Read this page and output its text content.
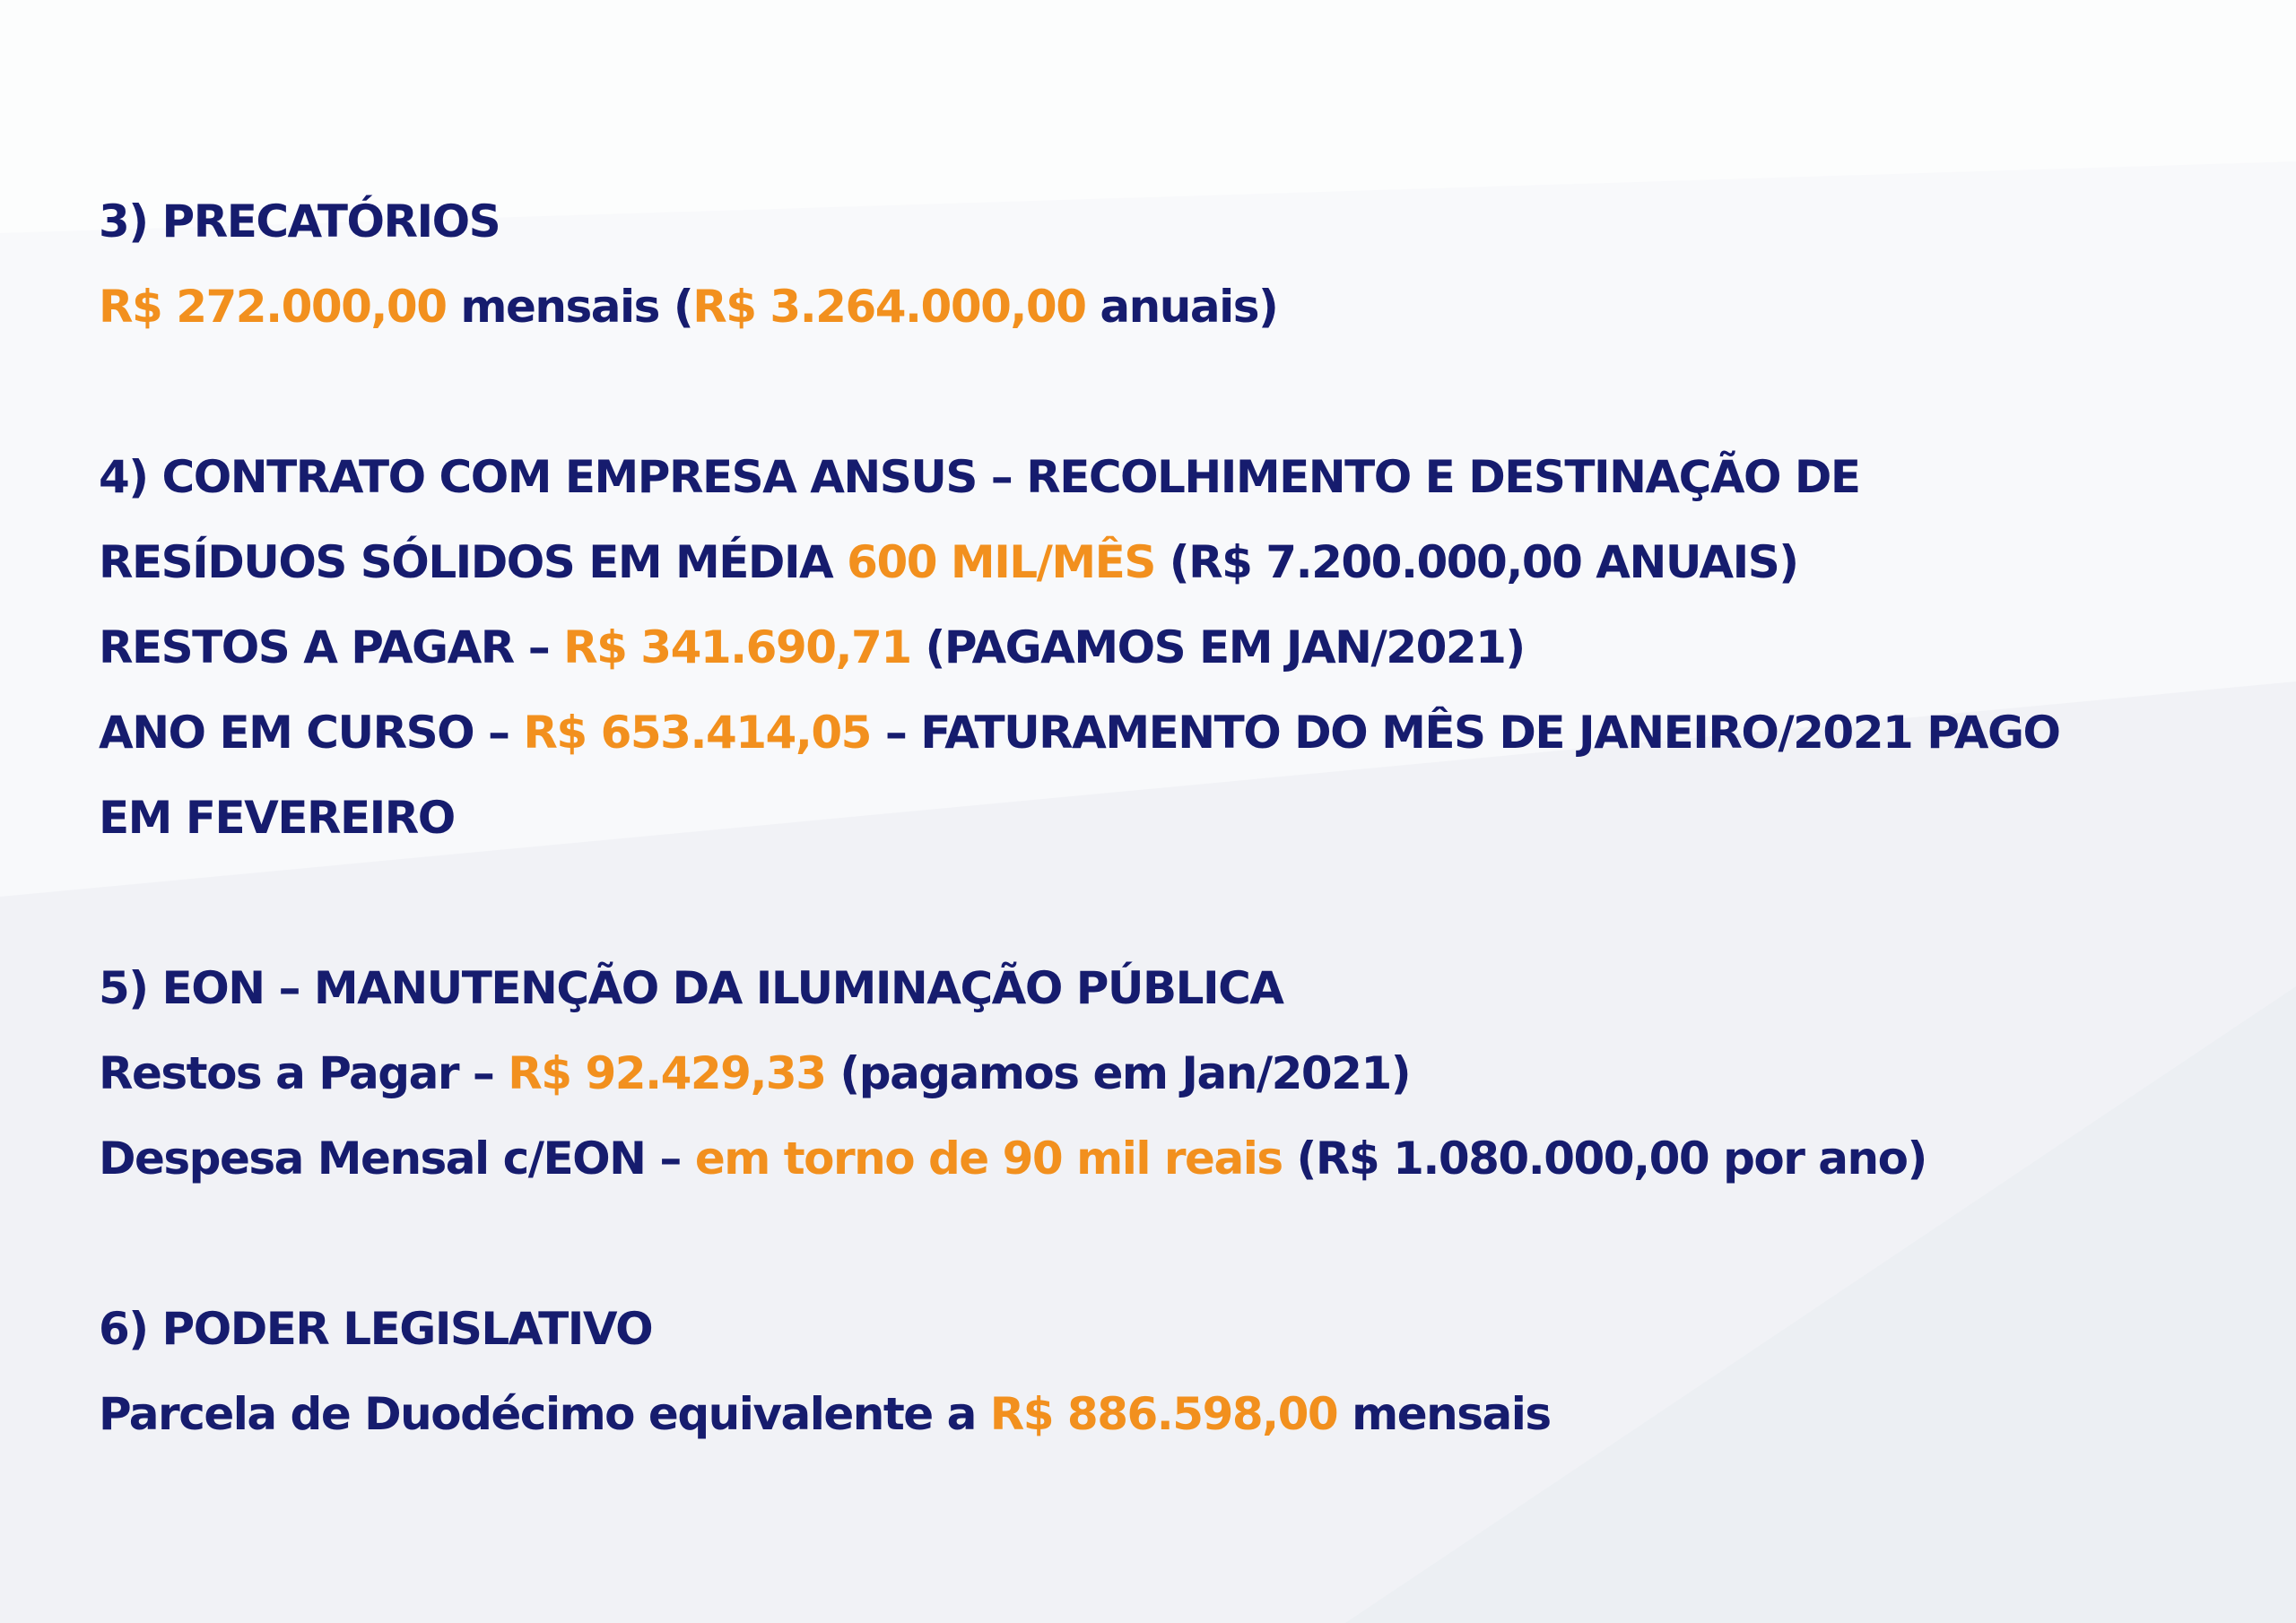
3) PRECATÓRIOS
R$ 272.000,00 mensais (R$ 3.264.000,00 anuais)
4) CONTRATO COM EMPRESA ANSUS – RECOLHIMENTO E DESTINAÇÃO DE
RESÍDUOS SÓLIDOS EM MÉDIA 600 MIL/MÊS (R$ 7.200.000,00 ANUAIS)
RESTOS A PAGAR – R$ 341.690,71 (PAGAMOS EM JAN/2021)
ANO EM CURSO – R$ 653.414,05 – FATURAMENTO DO MÊS DE JANEIRO/2021 PAGO
EM FEVEREIRO
5) EON – MANUTENÇÃO DA ILUMINAÇÃO PÚBLICA
Restos a Pagar – R$ 92.429,33 (pagamos em Jan/2021)
Despesa Mensal c/EON – em torno de 90 mil reais (R$ 1.080.000,00 por ano)
6) PODER LEGISLATIVO
Parcela de Duodécimo equivalente a R$ 886.598,00 mensais
